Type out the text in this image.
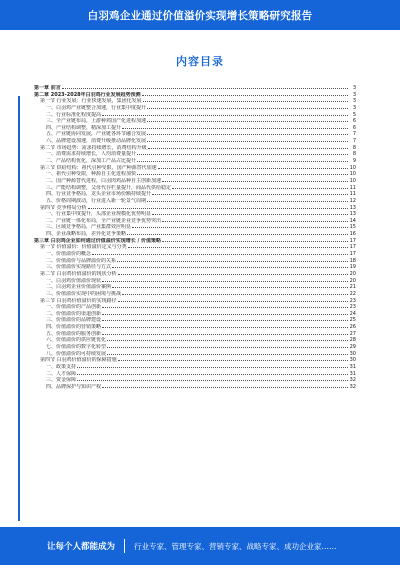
白羽鸡企业通过价值溢价实现增长策略研究报告
内容目录
第一章 前言	3
第二章 2023-2028年白羽鸡行业发展趋势预测	3
第一节 行业发展：行业快速发展，集团化发展	3
一、白羽鸡产业链整合加速，行业集中度提升	3
二、行业标准化程度提高	5
三、全产业链布局，上游种鸡国产化进程加速	6
四、产业结构调整，精深加工提升	6
五、产业链协同发展，产业链各环节融合发展	7
六、品牌建设加速，消费升级推动品牌化发展	7
第二节 市场趋势：需求持续增长，消费结构升级	8
一、消费需求持续增长，人均消费量提升	8
二、产品结构优化，深加工产品占比提升	9
第三节 供给结构：祖代引种受限，国产种源替代加速	10
一、祖代引种受限，种源自主化进程加快	10
二、国产种源替代进程，白羽肉鸡品种自主创新加速	10
三、产能结构调整，父母代存栏量提升，商品代供给稳定	11
四、行业竞争格局，龙头企业市场份额持续提升	11
五、价格周期波动，行业进入新一轮景气周期	12
第四节 竞争格局分析	13
一、行业集中度提升，头部企业规模化优势明显	13
二、产业链一体化布局，全产业链企业竞争优势突出	14
三、区域竞争格局，产业集群效应明显	15
四、企业战略布局，差异化竞争策略	16
第三章 白羽鸡企业如何通过价值溢价实现增长 / 价值策略	17
第一节 价值溢价：价值溢价定义与分类	17
一、价值溢价的概念	17
二、价值溢价与品牌溢价的关系	18
三、价值溢价实现路径与方式	19
第二节 白羽鸡价值溢价的现状分析	20
一、白羽鸡价值溢价现状	20
二、白羽鸡企业价值溢价案例	21
三、价值溢价实现中的困境与挑战	22
第三节 白羽鸡价值溢价的实现路径	23
一、价值溢价的产品创新	23
二、价值溢价的渠道创新	24
三、价值溢价的品牌建设	25
四、价值溢价的营销策略	26
五、价值溢价的服务创新	27
六、价值溢价的供应链优化	28
七、价值溢价的数字化转型	29
八、价值溢价的可持续发展	30
第四节 白羽鸡价值溢价的保障措施	30
一、政策支持	31
二、人才保障	31
三、资金保障	32
四、品牌保护与知识产权	32
让每个人都能成为	行业专家、管理专家、营销专家、战略专家、成功企业家……
